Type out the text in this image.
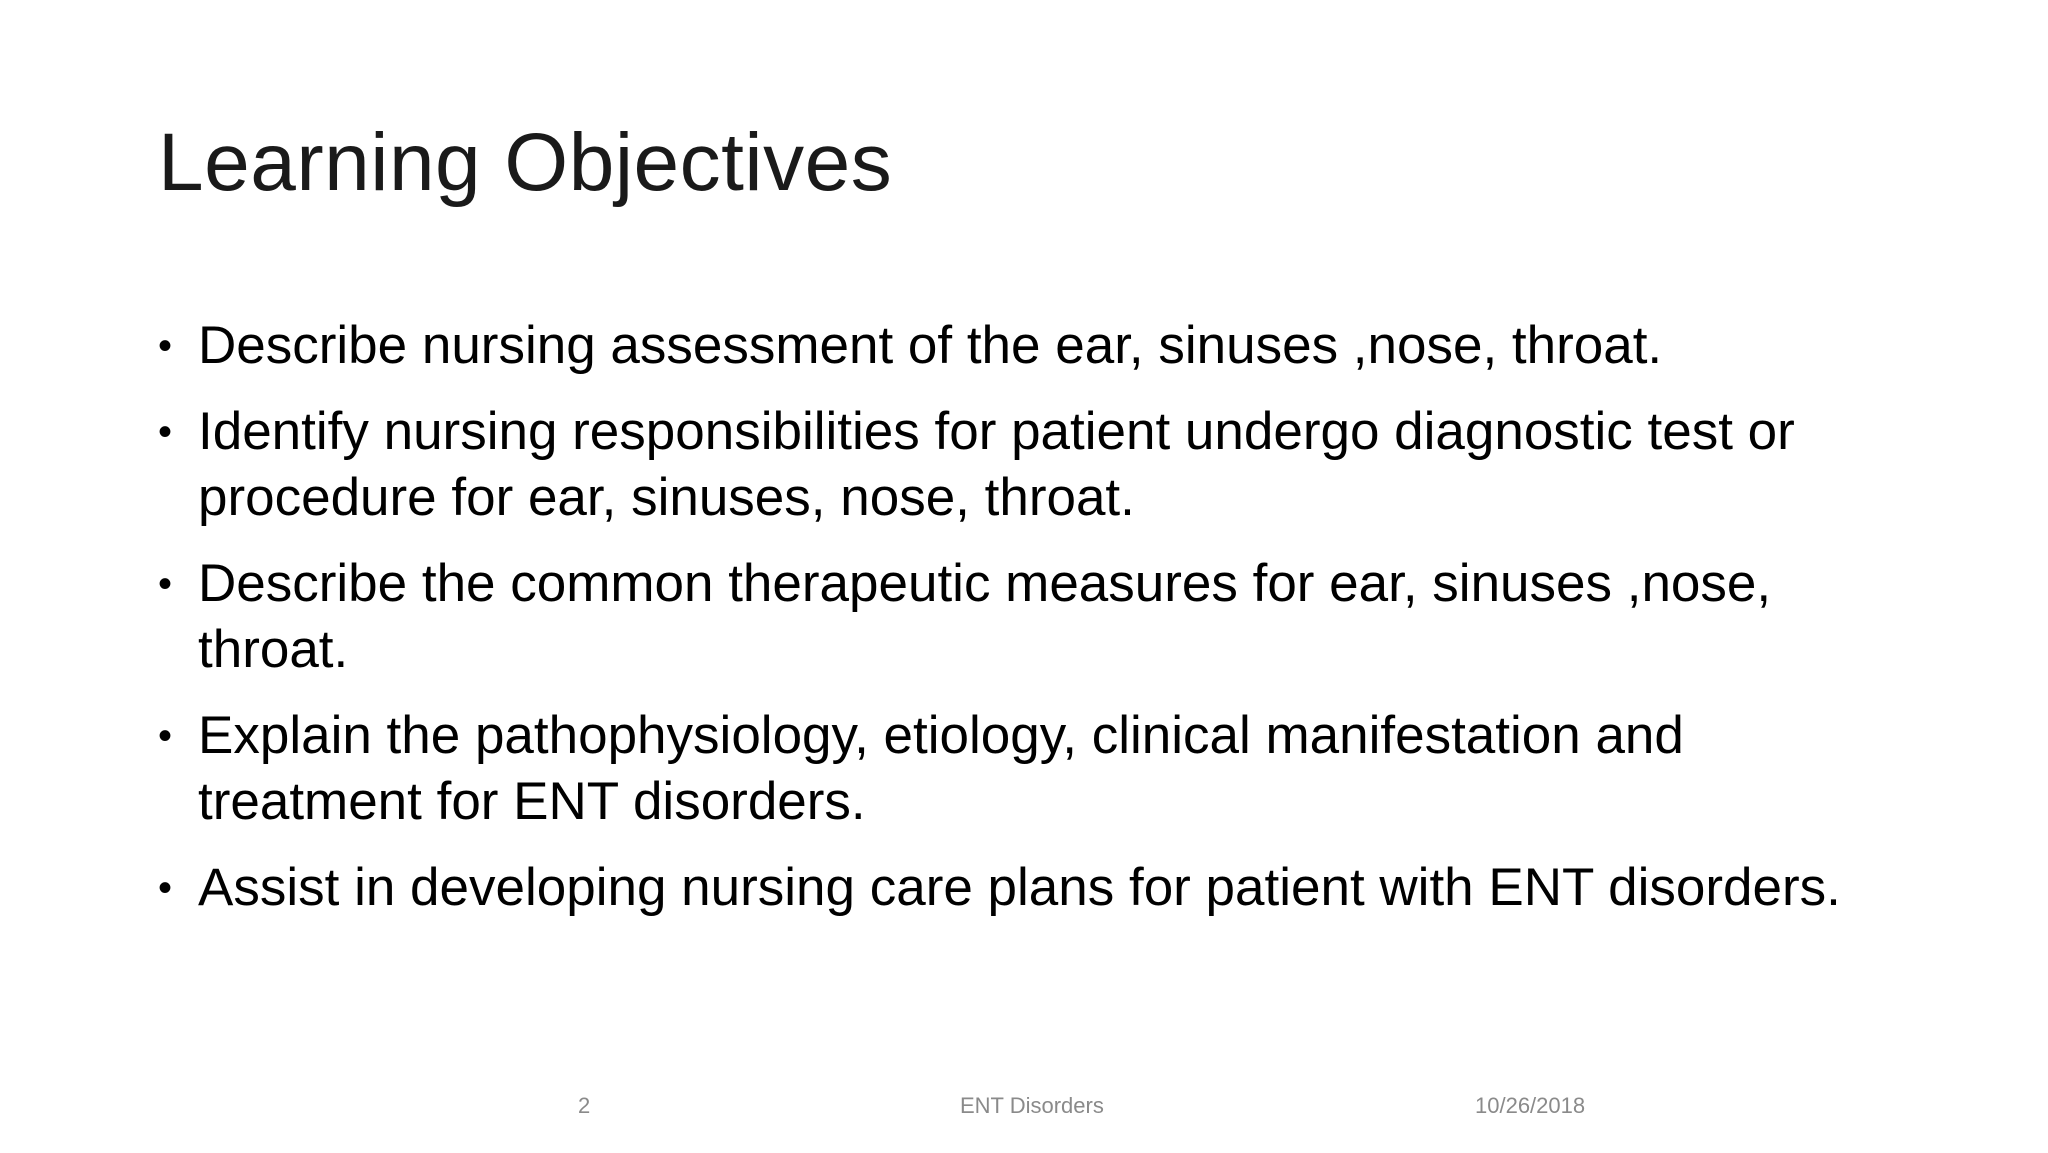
Learning Objectives
• Describe nursing assessment of the ear, sinuses ,nose, throat.
• Identify nursing responsibilities for patient undergo diagnostic test or procedure for ear, sinuses, nose, throat.
• Describe the common therapeutic measures for ear, sinuses ,nose, throat.
• Explain the pathophysiology, etiology, clinical manifestation and treatment for ENT disorders.
• Assist in developing nursing care plans for patient with ENT disorders.
2	ENT Disorders	10/26/2018
